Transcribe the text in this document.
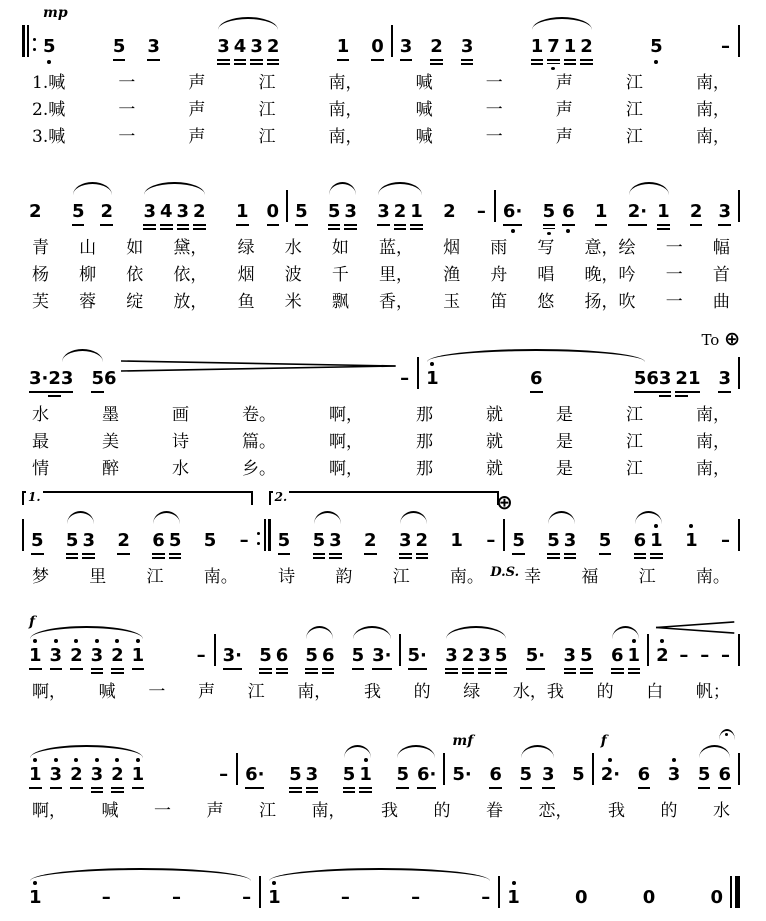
mp
5	5 3	3 4 3 2	1 0 3 2 3	1 7 1 2	5	–
1.喊	一	声	江	南，	喊	一	声	江	南，
2.喊	一	声	江	南，	喊	一	声	江	南，
3.喊	一	声	江	南，	喊	一	声	江	南，
2 5 2 3 4 3 2 1 0 5 5 3 3 2 1 2 – 6· 5 6 1 2· 1 2 3
青 山 如 黛， 绿 水 如 蓝， 烟 雨 写 意，绘 一 幅
杨 柳 依 依， 烟 波 千 里， 渔 舟 唱 晚，吟 一 首
芙 蓉 绽 放， 鱼 米 飘 香， 玉 笛 悠 扬，吹 一 曲
To ⊕
3· 2 3 5 6	– 1	6	5 6 3 2 1 3
水	墨	画	卷。	啊，	那	就	是	江	南，
最	美	诗	篇。	啊，	那	就	是	江	南，
情	醉	水	乡。	啊，	那	就	是	江	南，
1.
5 5 3 2 6 5 5 –
2.
5 5 3 2 3 2 1 –
⊕
D.S.
5 5 3 5 6 1 1 –
梦 里 江 南。 诗 韵 江 南。 幸 福 江 南。
f
1 3 2 3 2 1	– 3· 5 6 5 6 5 3· 5· 3 2 3 5 5· 3 5 6 1 2 – – –
啊， 喊 一 声 江 南， 我 的 绿 水，我 的 白 帆；
1 3 2 3 2 1	– 6· 5 3 5 1 5 6·
mf
5· 6 5 3 5
f
2· 6 3 5 6
啊， 喊 一 声 江 南， 我 的 眷 恋， 我 的 水
1	–	–	– 1	–	–	– 1	0	0	0
